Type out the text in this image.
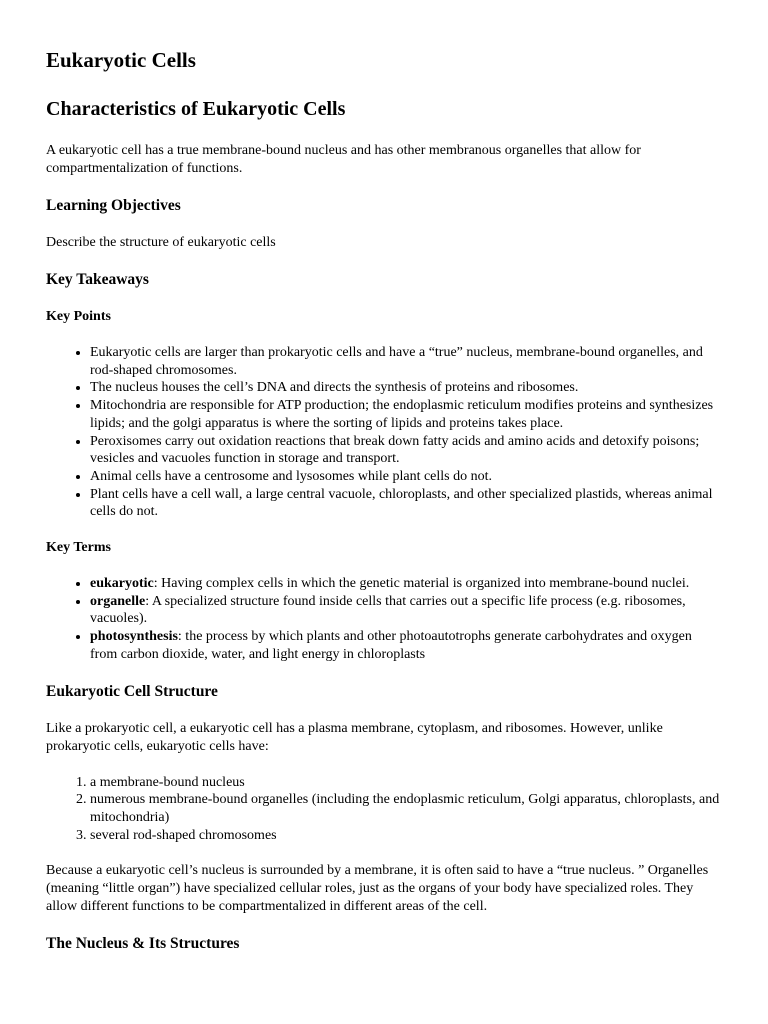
Eukaryotic Cells
Characteristics of Eukaryotic Cells

A eukaryotic cell has a true membrane-bound nucleus and has other membranous organelles that allow for compartmentalization of functions.

Learning Objectives

Describe the structure of eukaryotic cells

Key Takeaways
Key Points
• Eukaryotic cells are larger than prokaryotic cells and have a “true” nucleus, membrane-bound organelles, and rod-shaped chromosomes.
• The nucleus houses the cell’s DNA and directs the synthesis of proteins and ribosomes.
• Mitochondria are responsible for ATP production; the endoplasmic reticulum modifies proteins and synthesizes lipids; and the golgi apparatus is where the sorting of lipids and proteins takes place.
• Peroxisomes carry out oxidation reactions that break down fatty acids and amino acids and detoxify poisons; vesicles and vacuoles function in storage and transport.
• Animal cells have a centrosome and lysosomes while plant cells do not.
• Plant cells have a cell wall, a large central vacuole, chloroplasts, and other specialized plastids, whereas animal cells do not.
Key Terms
• eukaryotic: Having complex cells in which the genetic material is organized into membrane-bound nuclei.
• organelle: A specialized structure found inside cells that carries out a specific life process (e.g. ribosomes, vacuoles).
• photosynthesis: the process by which plants and other photoautotrophs generate carbohydrates and oxygen from carbon dioxide, water, and light energy in chloroplasts
Eukaryotic Cell Structure

Like a prokaryotic cell, a eukaryotic cell has a plasma membrane, cytoplasm, and ribosomes. However, unlike prokaryotic cells, eukaryotic cells have:

1. a membrane-bound nucleus
2. numerous membrane-bound organelles (including the endoplasmic reticulum, Golgi apparatus, chloroplasts, and mitochondria)
3. several rod-shaped chromosomes

Because a eukaryotic cell’s nucleus is surrounded by a membrane, it is often said to have a “true nucleus. ” Organelles (meaning “little organ”) have specialized cellular roles, just as the organs of your body have specialized roles. They allow different functions to be compartmentalized in different areas of the cell.

The Nucleus & Its Structures
